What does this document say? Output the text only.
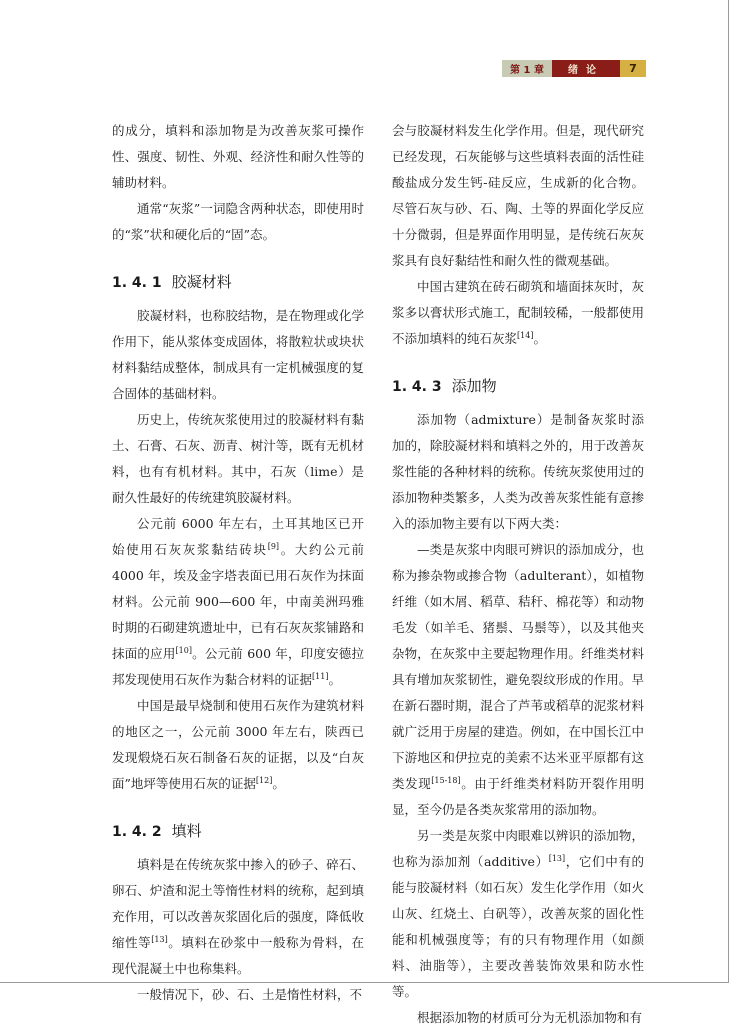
第 1 章	绪论	7

的成分，填料和添加物是为改善灰浆可操作性、强度、韧性、外观、经济性和耐久性等的辅助材料。

通常“灰浆”一词隐含两种状态，即使用时的“浆”状和硬化后的“固”态。

1. 4. 1 胶凝材料

胶凝材料，也称胶结物，是在物理或化学作用下，能从浆体变成固体，将散粒状或块状材料黏结成整体，制成具有一定机械强度的复合固体的基础材料。

历史上，传统灰浆使用过的胶凝材料有黏土、石膏、石灰、沥青、树汁等，既有无机材料，也有有机材料。其中，石灰（lime）是耐久性最好的传统建筑胶凝材料。

公元前 6000 年左右，土耳其地区已开始使用石灰灰浆黏结砖块[9]。大约公元前 4000 年，埃及金字塔表面已用石灰作为抹面材料。公元前 900—600 年，中南美洲玛雅时期的石砌建筑遗址中，已有石灰灰浆铺路和抹面的应用[10]。公元前 600 年，印度安德拉邦发现使用石灰作为黏合材料的证据[11]。

中国是最早烧制和使用石灰作为建筑材料的地区之一，公元前 3000 年左右，陕西已发现煅烧石灰石制备石灰的证据，以及“白灰面”地坪等使用石灰的证据[12]。

1. 4. 2 填料

填料是在传统灰浆中掺入的砂子、碎石、卵石、炉渣和泥土等惰性材料的统称，起到填充作用，可以改善灰浆固化后的强度，降低收缩性等[13]。填料在砂浆中一般称为骨料，在现代混凝土中也称集料。

一般情况下，砂、石、土是惰性材料，不

会与胶凝材料发生化学作用。但是，现代研究已经发现，石灰能够与这些填料表面的活性硅酸盐成分发生钙-硅反应，生成新的化合物。尽管石灰与砂、石、陶、土等的界面化学反应十分微弱，但是界面作用明显，是传统石灰灰浆具有良好黏结性和耐久性的微观基础。

中国古建筑在砖石砌筑和墙面抹灰时，灰浆多以膏状形式施工，配制较稀，一般都使用不添加填料的纯石灰浆[14]。

1. 4. 3 添加物

添加物（admixture）是制备灰浆时添加的，除胶凝材料和填料之外的，用于改善灰浆性能的各种材料的统称。传统灰浆使用过的添加物种类繁多，人类为改善灰浆性能有意掺入的添加物主要有以下两大类：

—类是灰浆中肉眼可辨识的添加成分，也称为掺杂物或掺合物（adulterant），如植物纤维（如木屑、稻草、秸秆、棉花等）和动物毛发（如羊毛、猪鬃、马鬃等），以及其他夹杂物，在灰浆中主要起物理作用。纤维类材料具有增加灰浆韧性，避免裂纹形成的作用。早在新石器时期，混合了芦苇或稻草的泥浆材料就广泛用于房屋的建造。例如，在中国长江中下游地区和伊拉克的美索不达米亚平原都有这类发现[15-18]。由于纤维类材料防开裂作用明显，至今仍是各类灰浆常用的添加物。

另一类是灰浆中肉眼难以辨识的添加物，也称为添加剂（additive）[13]，它们中有的能与胶凝材料（如石灰）发生化学作用（如火山灰、红烧土、白矾等），改善灰浆的固化性能和机械强度等；有的只有物理作用（如颜料、油脂等），主要改善装饰效果和防水性等。

根据添加物的材质可分为无机添加物和有
